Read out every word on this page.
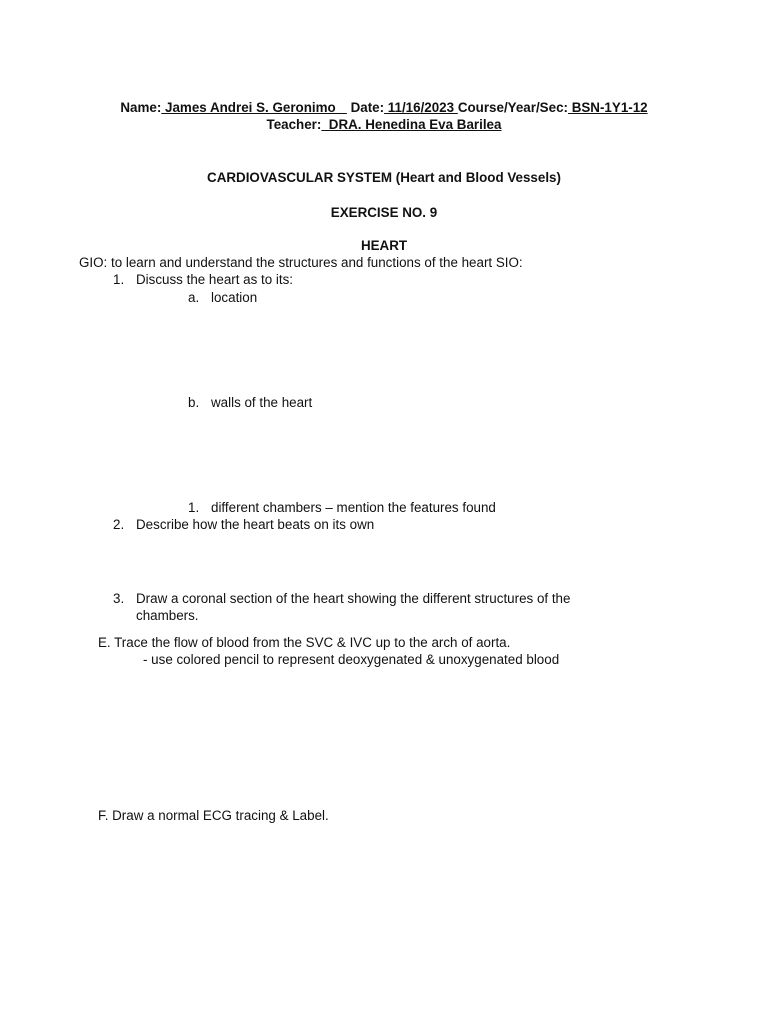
Name: James Andrei S. Geronimo    Date: 11/16/2023 Course/Year/Sec: BSN-1Y1-12
Teacher:  DRA. Henedina Eva Barilea
CARDIOVASCULAR SYSTEM (Heart and Blood Vessels)
EXERCISE NO. 9
HEART
GIO: to learn and understand the structures and functions of the heart SIO:
1. Discuss the heart as to its:
a. location
b. walls of the heart
1. different chambers – mention the features found
2. Describe how the heart beats on its own
3. Draw a coronal section of the heart showing the different structures of the
chambers.
E. Trace the flow of blood from the SVC & IVC up to the arch of aorta.
- use colored pencil to represent deoxygenated & unoxygenated blood
F. Draw a normal ECG tracing & Label.
